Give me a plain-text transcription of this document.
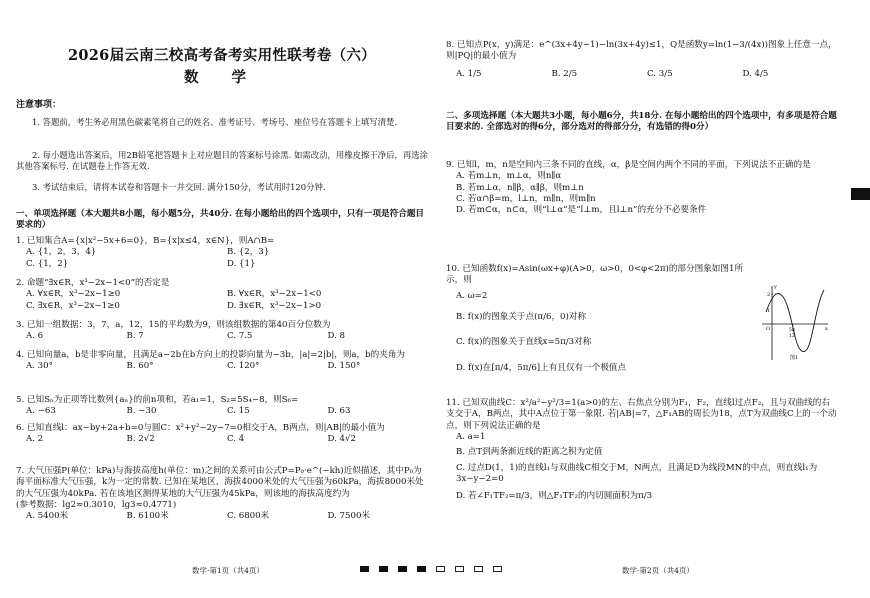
2026届云南三校高考备考实用性联考卷（六）
数 学
注意事项：
1. 答题前，考生务必用黑色碳素笔将自己的姓名、准考证号、考场号、座位号在答题卡上填写清楚.
2. 每小题选出答案后，用2B铅笔把答题卡上对应题目的答案标号涂黑. 如需改动，用橡皮擦干净后，再选涂其他答案标号. 在试题卷上作答无效.
3. 考试结束后，请将本试卷和答题卡一并交回. 满分150分，考试用时120分钟.
一、单项选择题（本大题共8小题，每小题5分，共40分. 在每小题给出的四个选项中，只有一项是符合题目要求的）
1. 已知集合A={x|x²−5x+6=0}，B={x|x≤4，x∈N}，则A∩B=
A. {1，2，3，4}	B. {2，3}
C. {1，2}	D. {1}
2. 命题“∃x∈R，x³−2x−1<0”的否定是
A. ∀x∈R，x³−2x−1≥0	B. ∀x∈R，x³−2x−1<0
C. ∃x∈R，x³−2x−1≥0	D. ∃x∈R，x³−2x−1>0
3. 已知一组数据：3，7，a，12，15的平均数为9，则该组数据的第40百分位数为
A. 6	B. 7	C. 7.5	D. 8
4. 已知向量a，b是非零向量，且满足a−2b在b方向上的投影向量为−3b，|a|=2|b|，则a，b的夹角为
A. 30°	B. 60°	C. 120°	D. 150°
5. 已知Sₙ为正项等比数列{aₙ}的前n项和，若a₁=1，S₂=5S₄−8，则S₆=
A. −63	B. −30	C. 15	D. 63
6. 已知直线l：ax−by+2a+b=0与圆C：x²+y²−2y−7=0相交于A，B两点，则|AB|的最小值为
A. 2	B. 2√2	C. 4	D. 4√2
7. 大气压强P(单位：kPa)与海拔高度h(单位：m)之间的关系可由公式P=P₀·e^(−kh)近似描述，其中P₀为海平面标准大气压强，k为一定的常数. 已知在某地区，海拔4000米处的大气压强为60kPa，海拔8000米处的大气压强为40kPa. 若在该地区测得某地的大气压强为45kPa，则该地的海拔高度约为
(参考数据：lg2≈0.3010，lg3≈0.4771)
A. 5400米	B. 6100米	C. 6800米	D. 7500米
数学·第1页（共4页）
8. 已知点P(x，y)满足：e^(3x+4y−1)−ln(3x+4y)≤1，Q是函数y=ln(1−3/(4x))图象上任意一点，则|PQ|的最小值为
A. 1/5	B. 2/5	C. 3/5	D. 4/5
二、多项选择题（本大题共3小题，每小题6分，共18分. 在每小题给出的四个选项中，有多项是符合题目要求的. 全部选对的得6分，部分选对的得部分分，有选错的得0分）
9. 已知l，m，n是空间内三条不同的直线，α，β是空间内两个不同的平面，下列说法不正确的是
A. 若m⊥n，m⊥α，则n∥α
B. 若m⊥α，n∥β，α∥β，则m⊥n
C. 若α∩β=m，l⊥n，m∥n，则m∥n
D. 若m⊂α，n⊂α，则“l⊥α”是“l⊥m，且l⊥n”的充分不必要条件
10. 已知函数f(x)=Asin(ωx+φ)(A>0，ω>0，0<φ<2π)的部分图象如图1所示，则
A. ω=2
B. f(x)的图象关于点(π/6，0)对称
C. f(x)的图象关于直线x=5π/3对称
D. f(x)在[π/4，5π/6]上有且仅有一个极值点
11. 已知双曲线C：x²/a²−y²/3=1(a>0)的左、右焦点分别为F₁，F₂，直线l过点F₂，且与双曲线的右支交于A，B两点，其中A点位于第一象限. 若|AB|=7，△F₁AB的周长为18，点T为双曲线C上的一个动点，则下列说法正确的是
A. a=1
B. 点T到两条渐近线的距离之积为定值
C. 过点D(1，1)的直线l₁与双曲线C相交于M，N两点，且满足D为线段MN的中点，则直线l₁为3x−y−2=0
D. 若∠F₁TF₂=π/3，则△F₁TF₂的内切圆面积为π/3
数学·第2页（共4页）
y
2
1
O	x
5π
12
图1
